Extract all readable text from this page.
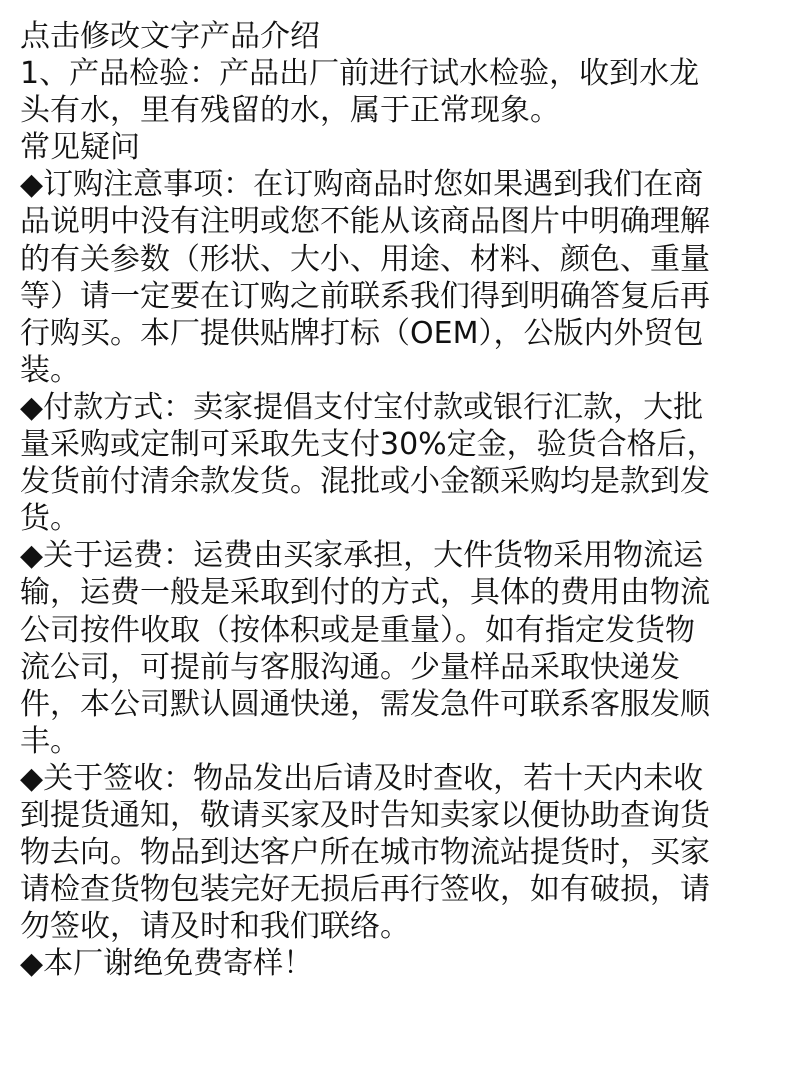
点击修改文字产品介绍
1、产品检验：产品出厂前进行试水检验，收到水龙
头有水，里有残留的水，属于正常现象。
常见疑问
◆订购注意事项：在订购商品时您如果遇到我们在商
品说明中没有注明或您不能从该商品图片中明确理解
的有关参数（形状、大小、用途、材料、颜色、重量
等）请一定要在订购之前联系我们得到明确答复后再
行购买。本厂提供贴牌打标（OEM），公版内外贸包
装。
◆付款方式：卖家提倡支付宝付款或银行汇款，大批
量采购或定制可采取先支付30%定金，验货合格后，
发货前付清余款发货。混批或小金额采购均是款到发
货。
◆关于运费：运费由买家承担，大件货物采用物流运
输，运费一般是采取到付的方式，具体的费用由物流
公司按件收取（按体积或是重量）。如有指定发货物
流公司，可提前与客服沟通。少量样品采取快递发
件，本公司默认圆通快递，需发急件可联系客服发顺
丰。
◆关于签收：物品发出后请及时查收，若十天内未收
到提货通知，敬请买家及时告知卖家以便协助查询货
物去向。物品到达客户所在城市物流站提货时，买家
请检查货物包装完好无损后再行签收，如有破损，请
勿签收，请及时和我们联络。
◆本厂谢绝免费寄样！
